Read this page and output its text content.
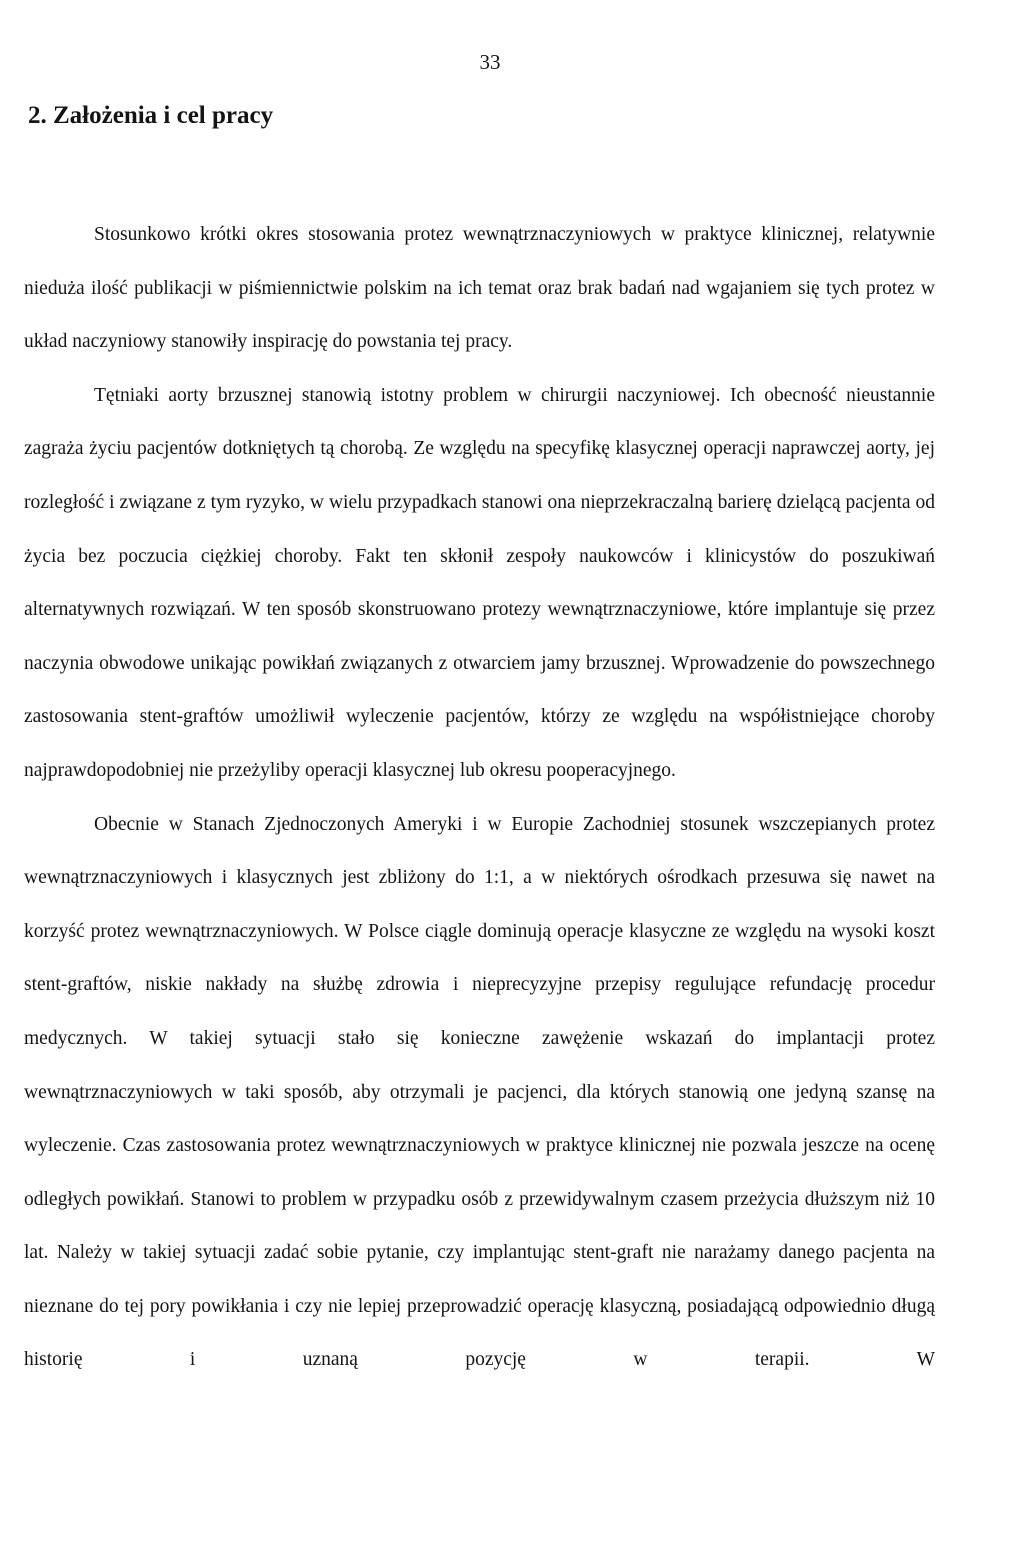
33
2. Założenia i cel pracy

Stosunkowo krótki okres stosowania protez wewnątrznaczyniowych w praktyce klinicznej, relatywnie nieduża ilość publikacji w piśmiennictwie polskim na ich temat oraz brak badań nad wgajaniem się tych protez w układ naczyniowy stanowiły inspirację do powstania tej pracy.

Tętniaki aorty brzusznej stanowią istotny problem w chirurgii naczyniowej. Ich obecność nieustannie zagraża życiu pacjentów dotkniętych tą chorobą. Ze względu na specyfikę klasycznej operacji naprawczej aorty, jej rozległość i związane z tym ryzyko, w wielu przypadkach stanowi ona nieprzekraczalną barierę dzielącą pacjenta od życia bez poczucia ciężkiej choroby. Fakt ten skłonił zespoły naukowców i klinicystów do poszukiwań alternatywnych rozwiązań. W ten sposób skonstruowano protezy wewnątrznaczyniowe, które implantuje się przez naczynia obwodowe unikając powikłań związanych z otwarciem jamy brzusznej. Wprowadzenie do powszechnego zastosowania stent-graftów umożliwił wyleczenie pacjentów, którzy ze względu na współistniejące choroby najprawdopodobniej nie przeżyliby operacji klasycznej lub okresu pooperacyjnego.

Obecnie w Stanach Zjednoczonych Ameryki i w Europie Zachodniej stosunek wszczepianych protez wewnątrznaczyniowych i klasycznych jest zbliżony do 1:1, a w niektórych ośrodkach przesuwa się nawet na korzyść protez wewnątrznaczyniowych. W Polsce ciągle dominują operacje klasyczne ze względu na wysoki koszt stent-graftów, niskie nakłady na służbę zdrowia i nieprecyzyjne przepisy regulujące refundację procedur medycznych. W takiej sytuacji stało się konieczne zawężenie wskazań do implantacji protez wewnątrznaczyniowych w taki sposób, aby otrzymali je pacjenci, dla których stanowią one jedyną szansę na wyleczenie. Czas zastosowania protez wewnątrznaczyniowych w praktyce klinicznej nie pozwala jeszcze na ocenę odległych powikłań. Stanowi to problem w przypadku osób z przewidywalnym czasem przeżycia dłuższym niż 10 lat. Należy w takiej sytuacji zadać sobie pytanie, czy implantując stent-graft nie narażamy danego pacjenta na nieznane do tej pory powikłania i czy nie lepiej przeprowadzić operację klasyczną, posiadającą odpowiednio długą historię i uznaną pozycję w terapii. W
